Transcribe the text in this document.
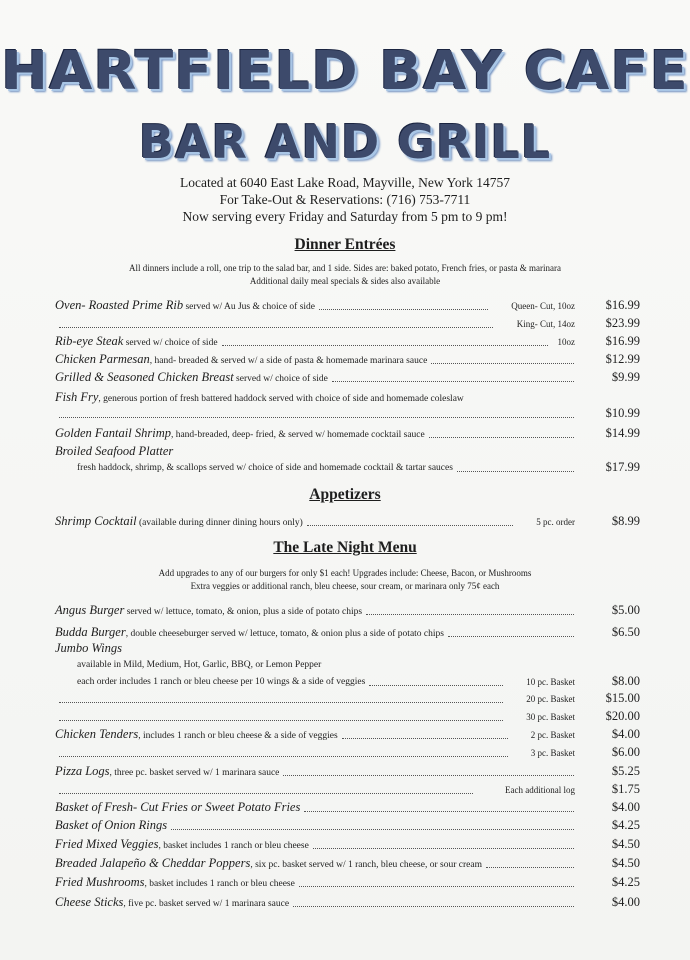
HARTFIELD BAY CAFE
BAR AND GRILL
Located at 6040 East Lake Road, Mayville, New York 14757
For Take-Out & Reservations: (716) 753-7711
Now serving every Friday and Saturday from 5 pm to 9 pm!
Dinner Entrées
All dinners include a roll, one trip to the salad bar, and 1 side. Sides are: baked potato, French fries, or pasta & marinara
Additional daily meal specials & sides also available
Oven- Roasted Prime Rib served w/ Au Jus & choice of side	Queen- Cut, 10oz $16.99
King- Cut, 14oz $23.99
Rib-eye Steak served w/ choice of side	10oz $16.99
Chicken Parmesan, hand- breaded & served w/ a side of pasta & homemade marinara sauce	$12.99
Grilled & Seasoned Chicken Breast served w/ choice of side	$9.99
Fish Fry, generous portion of fresh battered haddock served with choice of side and homemade coleslaw
$10.99
Golden Fantail Shrimp, hand-breaded, deep- fried, & served w/ homemade cocktail sauce	$14.99
Broiled Seafood Platter
fresh haddock, shrimp, & scallops served w/ choice of side and homemade cocktail & tartar sauces	$17.99
Appetizers
Shrimp Cocktail (available during dinner dining hours only)	5 pc. order	$8.99
The Late Night Menu
Add upgrades to any of our burgers for only $1 each! Upgrades include: Cheese, Bacon, or Mushrooms
Extra veggies or additional ranch, bleu cheese, sour cream, or marinara only 75¢ each
Angus Burger served w/ lettuce, tomato, & onion, plus a side of potato chips	$5.00
Budda Burger, double cheeseburger served w/ lettuce, tomato, & onion plus a side of potato chips	$6.50
Jumbo Wings
available in Mild, Medium, Hot, Garlic, BBQ, or Lemon Pepper
each order includes 1 ranch or bleu cheese per 10 wings & a side of veggies	10 pc. Basket	$8.00
20 pc. Basket $15.00
30 pc. Basket $20.00
Chicken Tenders, includes 1 ranch or bleu cheese & a side of veggies	2 pc. Basket	$4.00
3 pc. Basket	$6.00
Pizza Logs, three pc. basket served w/ 1 marinara sauce	$5.25
Each additional log	$1.75
Basket of Fresh- Cut Fries or Sweet Potato Fries	$4.00
Basket of Onion Rings	$4.25
Fried Mixed Veggies, basket includes 1 ranch or bleu cheese	$4.50
Breaded Jalapeño & Cheddar Poppers, six pc. basket served w/ 1 ranch, bleu cheese, or sour cream	$4.50
Fried Mushrooms, basket includes 1 ranch or bleu cheese	$4.25
Cheese Sticks, five pc. basket served w/ 1 marinara sauce	$4.00
